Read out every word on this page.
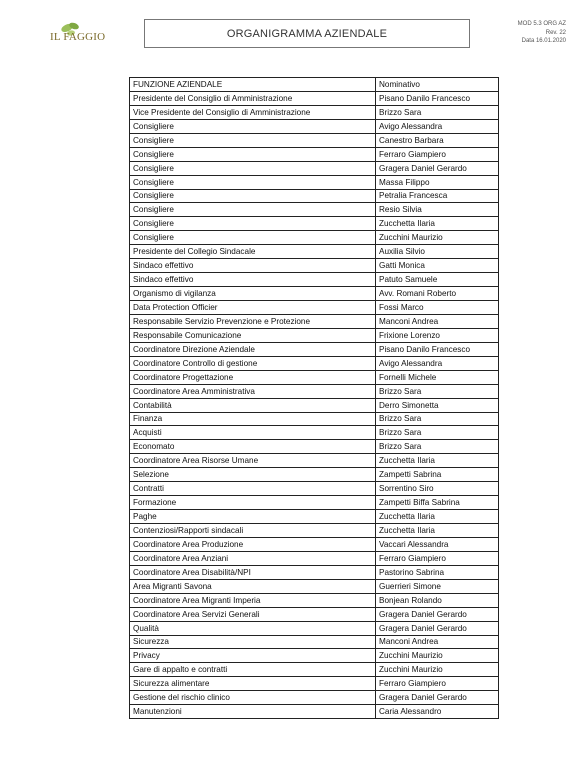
IL FAGGIO	ORGANIGRAMMA AZIENDALE
MOD 5.3 ORG AZ
Rev. 22
Data 16.01.2020
FUNZIONE AZIENDALE	Nominativo
Presidente del Consiglio di Amministrazione	Pisano Danilo Francesco
Vice Presidente del Consiglio di Amministrazione	Brizzo Sara
Consigliere	Avigo Alessandra
Consigliere	Canestro Barbara
Consigliere	Ferraro Giampiero
Consigliere	Gragera Daniel Gerardo
Consigliere	Massa Filippo
Consigliere	Petralia Francesca
Consigliere	Resio Silvia
Consigliere	Zucchetta Ilaria
Consigliere	Zucchini Maurizio
Presidente del Collegio Sindacale	Auxilia Silvio
Sindaco effettivo	Gatti Monica
Sindaco effettivo	Patuto Samuele
Organismo di vigilanza	Avv. Romani Roberto
Data Protection Officier	Fossi Marco
Responsabile Servizio Prevenzione e Protezione	Manconi Andrea
Responsabile Comunicazione	Frixione Lorenzo
Coordinatore Direzione Aziendale	Pisano Danilo Francesco
Coordinatore Controllo di gestione	Avigo Alessandra
Coordinatore Progettazione	Fornelli Michele
Coordinatore Area Amministrativa	Brizzo Sara
Contabilità	Derro Simonetta
Finanza	Brizzo Sara
Acquisti	Brizzo Sara
Economato	Brizzo Sara
Coordinatore Area Risorse Umane	Zucchetta Ilaria
Selezione	Zampetti Sabrina
Contratti	Sorrentino Siro
Formazione	Zampetti Biffa Sabrina
Paghe	Zucchetta Ilaria
Contenziosi/Rapporti sindacali	Zucchetta Ilaria
Coordinatore Area Produzione	Vaccari Alessandra
Coordinatore Area Anziani	Ferraro Giampiero
Coordinatore Area Disabilità/NPI	Pastorino Sabrina
Area Migranti Savona	Guerrieri Simone
Coordinatore Area Migranti Imperia	Bonjean Rolando
Coordinatore Area Servizi Generali	Gragera Daniel Gerardo
Qualità	Gragera Daniel Gerardo
Sicurezza	Manconi Andrea
Privacy	Zucchini Maurizio
Gare di appalto e contratti	Zucchini Maurizio
Sicurezza alimentare	Ferraro Giampiero
Gestione del rischio clinico	Gragera Daniel Gerardo
Manutenzioni	Caria Alessandro
